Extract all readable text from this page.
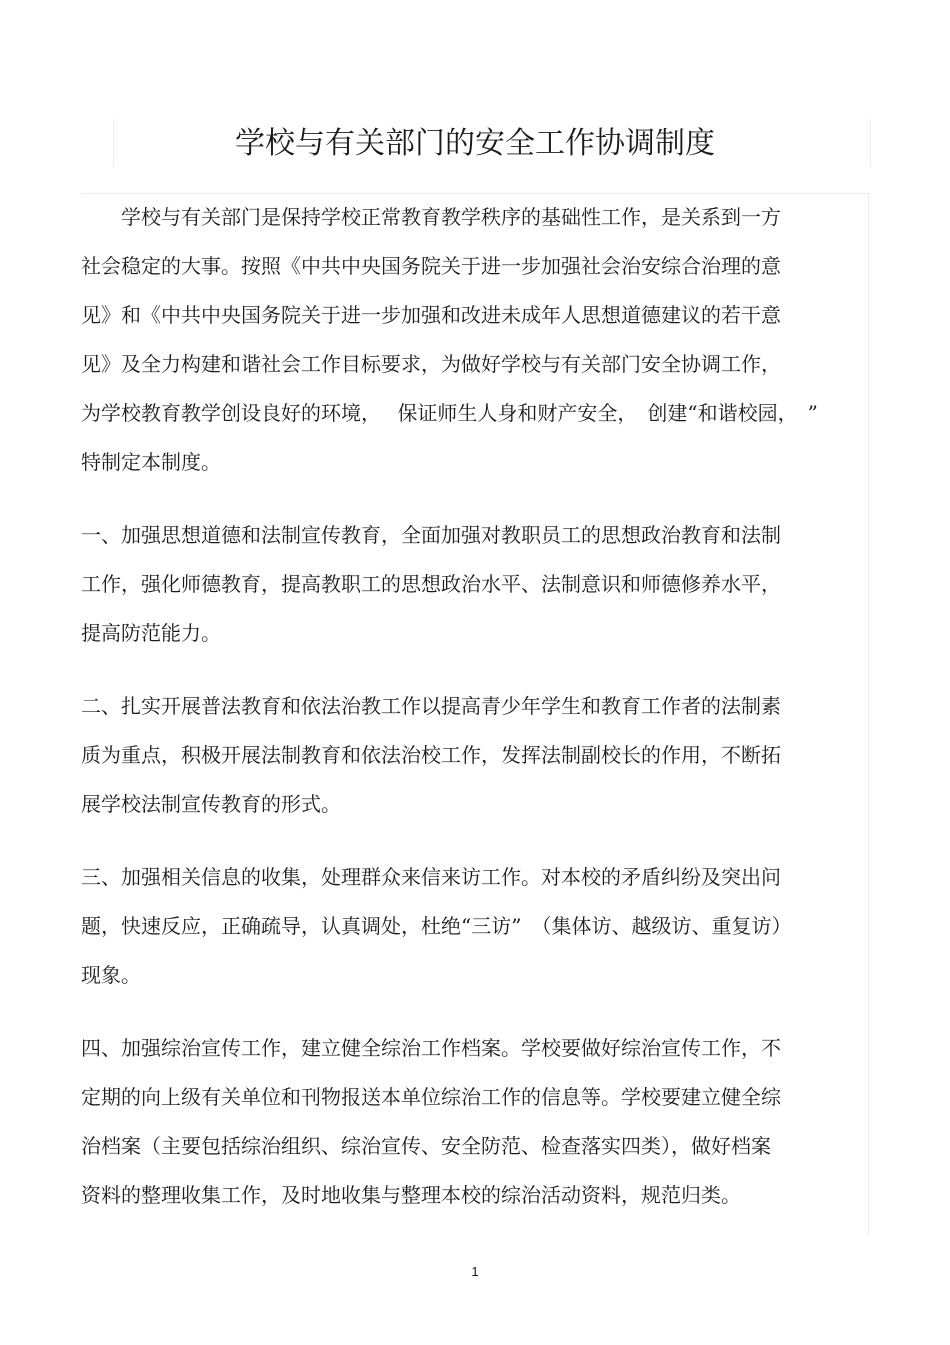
学校与有关部门的安全工作协调制度
学校与有关部门是保持学校正常教育教学秩序的基础性工作，是关系到一方
社会稳定的大事。按照《中共中央国务院关于进一步加强社会治安综合治理的意
见》和《中共中央国务院关于进一步加强和改进未成年人思想道德建议的若干意
见》及全力构建和谐社会工作目标要求，为做好学校与有关部门安全协调工作，
为学校教育教学创设良好的环境，　 保证师生人身和财产安全，　创建“和谐校园，　”
特制定本制度。
一、加强思想道德和法制宣传教育，全面加强对教职员工的思想政治教育和法制
工作，强化师德教育，提高教职工的思想政治水平、法制意识和师德修养水平，
提高防范能力。
二、扎实开展普法教育和依法治教工作以提高青少年学生和教育工作者的法制素
质为重点，积极开展法制教育和依法治校工作，发挥法制副校长的作用，不断拓
展学校法制宣传教育的形式。
三、加强相关信息的收集，处理群众来信来访工作。对本校的矛盾纠纷及突出问
题，快速反应，正确疏导，认真调处，杜绝“三访”　（集体访、越级访、重复访）
现象。
四、加强综治宣传工作，建立健全综治工作档案。学校要做好综治宣传工作，不
定期的向上级有关单位和刊物报送本单位综治工作的信息等。学校要建立健全综
治档案（主要包括综治组织、综治宣传、安全防范、检查落实四类），做好档案
资料的整理收集工作，及时地收集与整理本校的综治活动资料，规范归类。
1
